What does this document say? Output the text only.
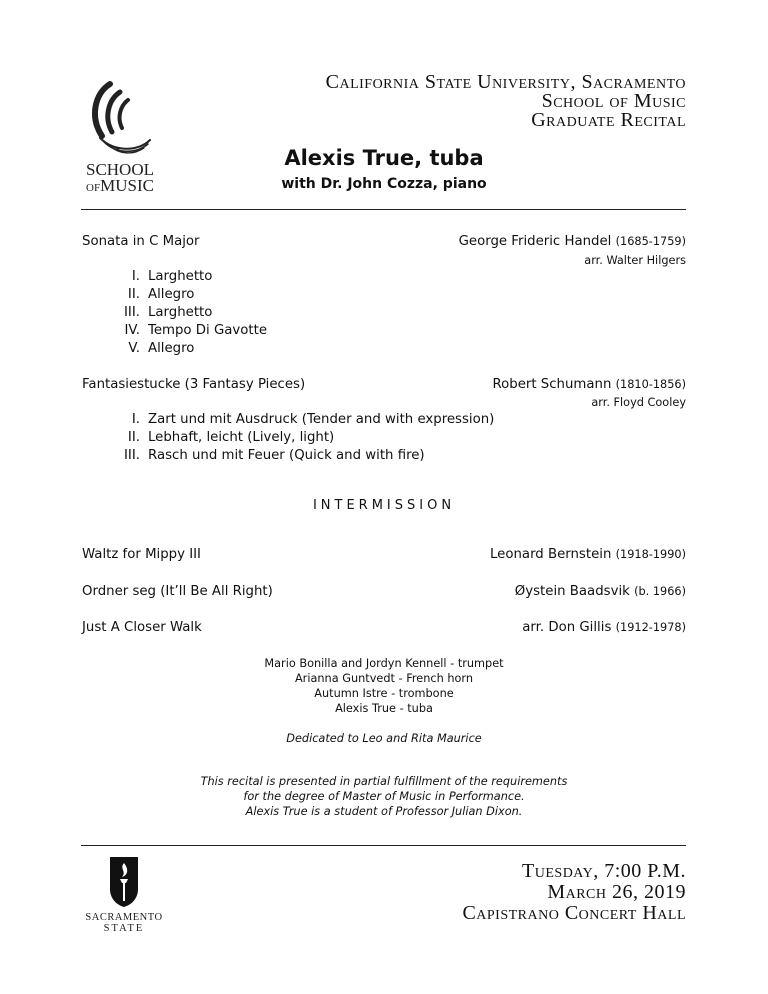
SCHOOL
OFMUSIC
California State University, Sacramento
School of Music
Graduate Recital
Alexis True, tuba
with Dr. John Cozza, piano
Sonata in C Major	George Frideric Handel (1685-1759)
arr. Walter Hilgers
I. Larghetto
II. Allegro
III. Larghetto
IV. Tempo Di Gavotte
V. Allegro
Fantasiestucke (3 Fantasy Pieces)	Robert Schumann (1810-1856)
arr. Floyd Cooley
I. Zart und mit Ausdruck (Tender and with expression)
II. Lebhaft, leicht (Lively, light)
III. Rasch und mit Feuer (Quick and with fire)
INTERMISSION
Waltz for Mippy III	Leonard Bernstein (1918-1990)
Ordner seg (It’ll Be All Right)	Øystein Baadsvik (b. 1966)
Just A Closer Walk	arr. Don Gillis (1912-1978)
Mario Bonilla and Jordyn Kennell - trumpet
Arianna Guntvedt - French horn
Autumn Istre - trombone
Alexis True - tuba
Dedicated to Leo and Rita Maurice
This recital is presented in partial fulfillment of the requirements
for the degree of Master of Music in Performance.
Alexis True is a student of Professor Julian Dixon.
SACRAMENTO
STATE
Tuesday, 7:00 P.M.
March 26, 2019
Capistrano Concert Hall
